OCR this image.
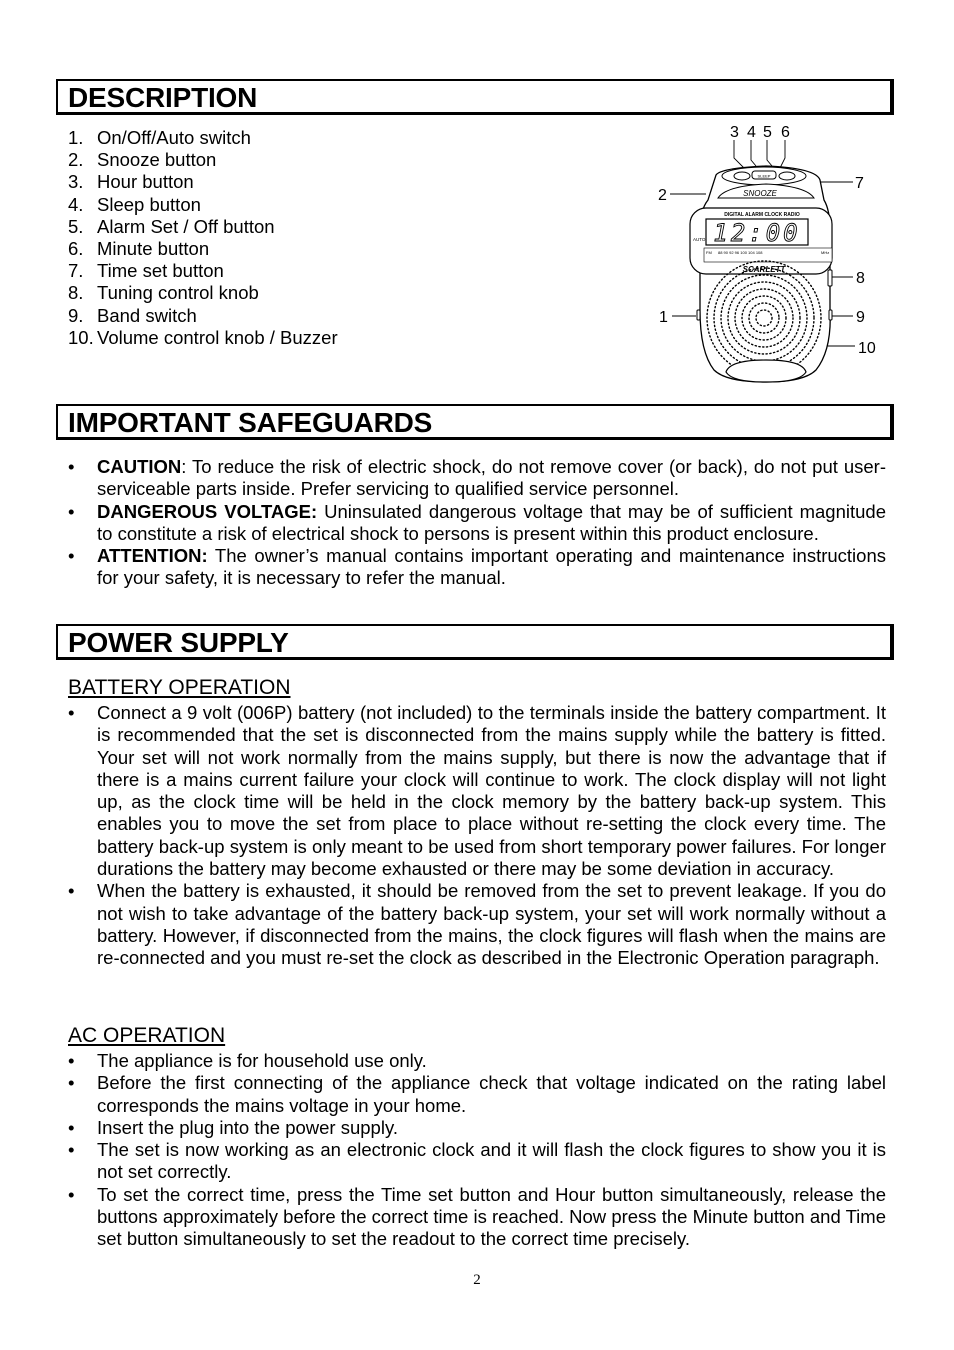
DESCRIPTION
1. On/Off/Auto switch
2. Snooze button
3. Hour button
4. Sleep button
5. Alarm Set / Off button
6. Minute button
7. Time set button
8. Tuning control knob
9. Band switch
10. Volume control knob / Buzzer
3 4 5 6
7
2
8
1	9
10
SLEEP
SNOOZE
DIGITAL ALARM CLOCK RADIO
12:00
AUTO
FM 88 90 92 96 100 104 108	MHz
SCARLETT
IMPORTANT SAFEGUARDS
• CAUTION: To reduce the risk of electric shock, do not remove cover (or back), do not put user-serviceable parts inside. Prefer servicing to qualified service personnel.
• DANGEROUS VOLTAGE: Uninsulated dangerous voltage that may be of sufficient magnitude to constitute a risk of electrical shock to persons is present within this product enclosure.
• ATTENTION: The owner’s manual contains important operating and maintenance instructions for your safety, it is necessary to refer the manual.
POWER SUPPLY
BATTERY OPERATION
• Connect a 9 volt (006P) battery (not included) to the terminals inside the battery compartment. It is recommended that the set is disconnected from the mains supply while the battery is fitted. Your set will not work normally from the mains supply, but there is now the advantage that if there is a mains current failure your clock will continue to work. The clock display will not light up, as the clock time will be held in the clock memory by the battery back-up system. This enables you to move the set from place to place without re-setting the clock every time. The battery back-up system is only meant to be used from short temporary power failures. For longer durations the battery may become exhausted or there may be some deviation in accuracy.
• When the battery is exhausted, it should be removed from the set to prevent leakage. If you do not wish to take advantage of the battery back-up system, your set will work normally without a battery. However, if disconnected from the mains, the clock figures will flash when the mains are re-connected and you must re-set the clock as described in the Electronic Operation paragraph.
AC OPERATION
• The appliance is for household use only.
• Before the first connecting of the appliance check that voltage indicated on the rating label corresponds the mains voltage in your home.
• Insert the plug into the power supply.
• The set is now working as an electronic clock and it will flash the clock figures to show you it is not set correctly.
• To set the correct time, press the Time set button and Hour button simultaneously, release the buttons approximately before the correct time is reached. Now press the Minute button and Time set button simultaneously to set the readout to the correct time precisely.
2
